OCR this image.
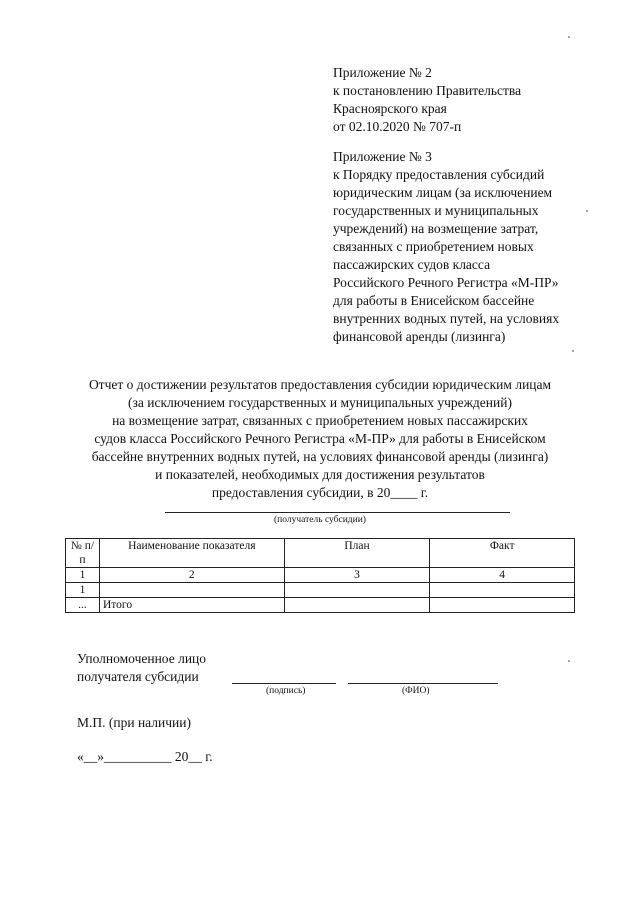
Приложение № 2
к постановлению Правительства
Красноярского края
от 02.10.2020 № 707-п
Приложение № 3
к Порядку предоставления субсидий
юридическим лицам (за исключением
государственных и муниципальных
учреждений) на возмещение затрат,
связанных с приобретением новых
пассажирских судов класса
Российского Речного Регистра «М-ПР»
для работы в Енисейском бассейне
внутренних водных путей, на условиях
финансовой аренды (лизинга)
Отчет о достижении результатов предоставления субсидии юридическим лицам
(за исключением государственных и муниципальных учреждений)
на возмещение затрат, связанных с приобретением новых пассажирских
судов класса Российского Речного Регистра «М-ПР» для работы в Енисейском
бассейне внутренних водных путей, на условиях финансовой аренды (лизинга)
и показателей, необходимых для достижения результатов
предоставления субсидии, в 20____ г.
(получатель субсидии)
№ п/п	Наименование показателя	План	Факт
1	2	3	4
1			
...	Итого		
Уполномоченное лицо
получателя субсидии
(подпись)	(ФИО)
М.П. (при наличии)
«__»__________ 20__ г.
